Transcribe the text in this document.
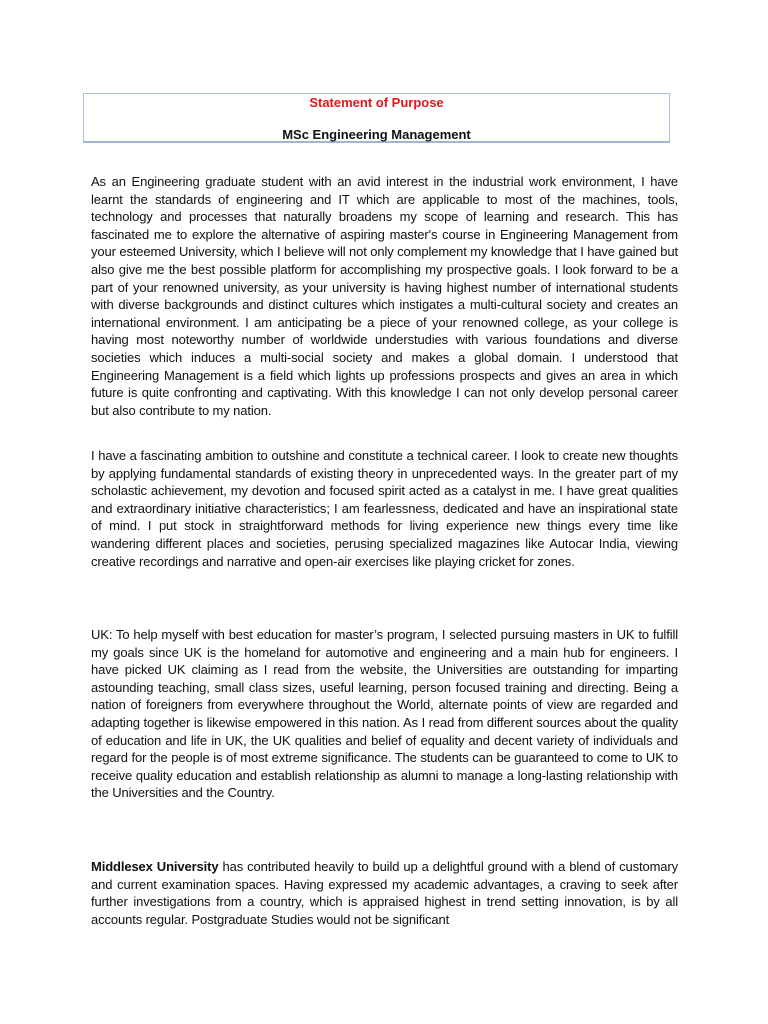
Statement of Purpose
MSc Engineering Management

As an Engineering graduate student with an avid interest in the industrial work environment, I have learnt the standards of engineering and IT which are applicable to most of the machines, tools, technology and processes that naturally broadens my scope of learning and research. This has fascinated me to explore the alternative of aspiring master's course in Engineering Management from your esteemed University, which I believe will not only complement my knowledge that I have gained but also give me the best possible platform for accomplishing my prospective goals. I look forward to be a part of your renowned university, as your university is having highest number of international students with diverse backgrounds and distinct cultures which instigates a multi-cultural society and creates an international environment. I am anticipating be a piece of your renowned college, as your college is having most noteworthy number of worldwide understudies with various foundations and diverse societies which induces a multi-social society and makes a global domain. I understood that Engineering Management is a field which lights up professions prospects and gives an area in which future is quite confronting and captivating. With this knowledge I can not only develop personal career but also contribute to my nation.

I have a fascinating ambition to outshine and constitute a technical career. I look to create new thoughts by applying fundamental standards of existing theory in unprecedented ways. In the greater part of my scholastic achievement, my devotion and focused spirit acted as a catalyst in me. I have great qualities and extraordinary initiative characteristics; I am fearlessness, dedicated and have an inspirational state of mind. I put stock in straightforward methods for living experience new things every time like wandering different places and societies, perusing specialized magazines like Autocar India, viewing creative recordings and narrative and open-air exercises like playing cricket for zones.

UK: To help myself with best education for master’s program, I selected pursuing masters in UK to fulfill my goals since UK is the homeland for automotive and engineering and a main hub for engineers. I have picked UK claiming as I read from the website, the Universities are outstanding for imparting astounding teaching, small class sizes, useful learning, person focused training and directing. Being a nation of foreigners from everywhere throughout the World, alternate points of view are regarded and adapting together is likewise empowered in this nation. As I read from different sources about the quality of education and life in UK, the UK qualities and belief of equality and decent variety of individuals and regard for the people is of most extreme significance. The students can be guaranteed to come to UK to receive quality education and establish relationship as alumni to manage a long-lasting relationship with the Universities and the Country.

Middlesex University has contributed heavily to build up a delightful ground with a blend of customary and current examination spaces. Having expressed my academic advantages, a craving to seek after further investigations from a country, which is appraised highest in trend setting innovation, is by all accounts regular. Postgraduate Studies would not be significant
